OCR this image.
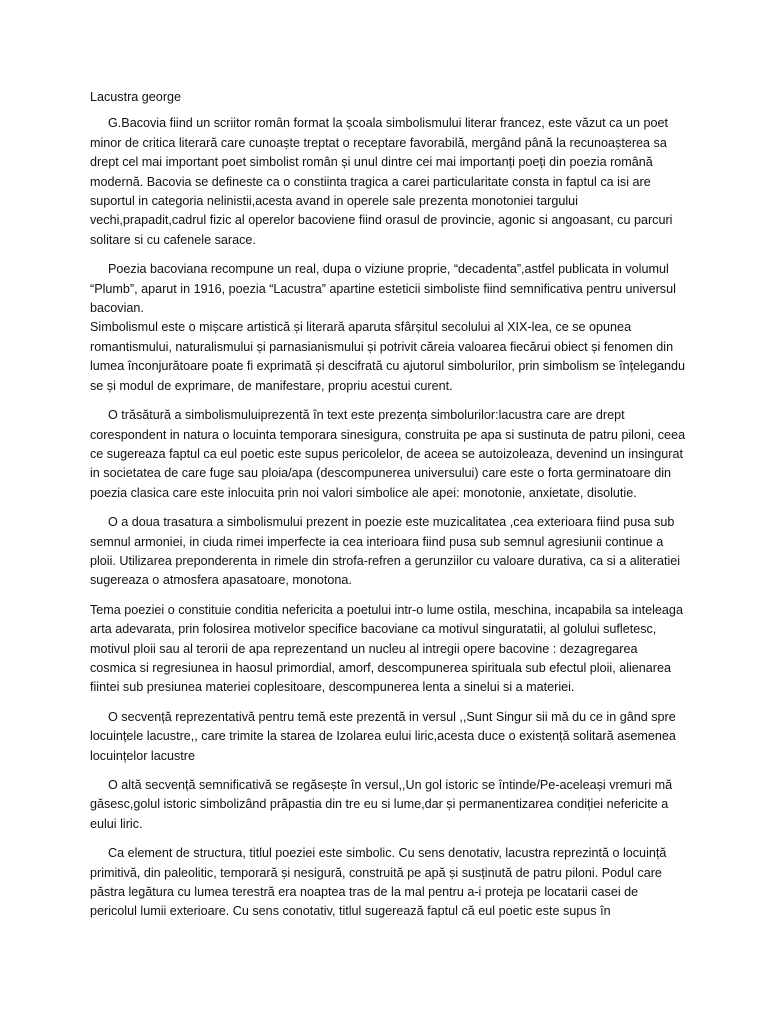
Lacustra george

G.Bacovia fiind un scriitor român format la școala simbolismului literar francez, este văzut ca un poet minor de critica literară care cunoaște treptat o receptare favorabilă, mergând până la recunoașterea sa drept cel mai important poet simbolist român și unul dintre cei mai importanți poeți din poezia română modernă. Bacovia se defineste ca o constiinta tragica a carei particularitate consta in faptul ca isi are suportul in categoria nelinistii,acesta avand in operele sale prezenta monotoniei targului vechi,prapadit,cadrul fizic al operelor bacoviene fiind orasul de provincie, agonic si angoasant, cu parcuri solitare si cu cafenele sarace.

Poezia bacoviana recompune un real, dupa o viziune proprie, “decadenta”,astfel publicata in volumul “Plumb”, aparut in 1916, poezia “Lacustra” apartine esteticii simboliste fiind semnificativa pentru universul bacovian.

Simbolismul este o mișcare artistică și literară aparuta sfârșitul secolului al XIX-lea, ce se opunea romantismului, naturalismului și parnasianismului și potrivit căreia valoarea fiecărui obiect și fenomen din lumea înconjurătoare poate fi exprimată și descifrată cu ajutorul simbolurilor, prin simbolism se înțelegandu se și modul de exprimare, de manifestare, propriu acestui curent.

O trăsătură a simbolismuluiprezentă în text este prezența simbolurilor:lacustra care are drept corespondent in natura o locuinta temporara sinesigura, construita pe apa si sustinuta de patru piloni, ceea ce sugereaza faptul ca eul poetic este supus pericolelor, de aceea se autoizoleaza, devenind un insingurat in societatea de care fuge sau ploia/apa (descompunerea universului) care este o forta germinatoare din poezia clasica care este inlocuita prin noi valori simbolice ale apei: monotonie, anxietate, disolutie.

O a doua trasatura a simbolismului prezent in poezie este muzicalitatea ,cea exterioara fiind pusa sub semnul armoniei, in ciuda rimei imperfecte ia cea interioara fiind pusa sub semnul agresiunii continue a ploii. Utilizarea preponderenta in rimele din strofa-refren a gerunziilor cu valoare durativa, ca si a aliteratiei sugereaza o atmosfera apasatoare, monotona.

Tema poeziei o constituie conditia nefericita a poetului intr-o lume ostila, meschina, incapabila sa inteleaga arta adevarata, prin folosirea motivelor specifice bacoviane ca motivul singuratatii, al golului sufletesc, motivul ploii sau al terorii de apa reprezentand un nucleu al intregii opere bacovine : dezagregarea cosmica si regresiunea in haosul primordial, amorf, descompunerea spirituala sub efectul ploii, alienarea fiintei sub presiunea materiei coplesitoare, descompunerea lenta a sinelui si a materiei.

O secvență reprezentativă pentru temă este prezentă in versul ,,Sunt Singur sii mă du ce in gând spre locuințele lacustre,, care trimite la starea de Izolarea eului liric,acesta duce o existență solitară asemenea locuințelor lacustre

O altă secvență semnificativă se regăsește în versul,,Un gol istoric se întinde/Pe-aceleași vremuri mă găsesc,golul istoric simbolizând prăpastia din tre eu si lume,dar și permanentizarea condiției nefericite a eului liric.

Ca element de structura, titlul poeziei este simbolic. Cu sens denotativ, lacustra reprezintă o locuință primitivă, din paleolitic, temporară și nesigură, construită pe apă și susținută de patru piloni. Podul care păstra legătura cu lumea terestră era noaptea tras de la mal pentru a-i proteja pe locatarii casei de pericolul lumii exterioare. Cu sens conotativ, titlul sugerează faptul că eul poetic este supus în
